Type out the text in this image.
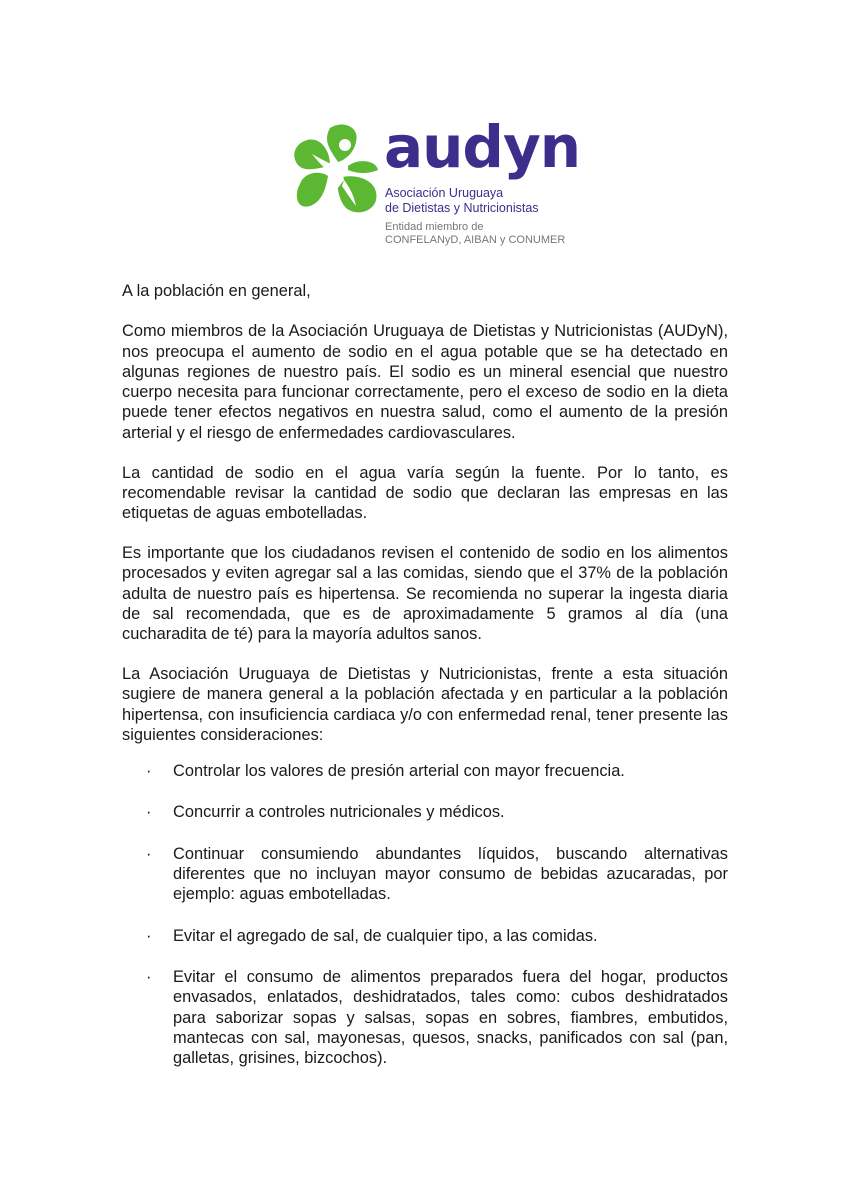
audyn
Asociación Uruguaya
de Dietistas y Nutricionistas
Entidad miembro de
CONFELANyD, AIBAN y CONUMER

A la población en general,

Como miembros de la Asociación Uruguaya de Dietistas y Nutricionistas (AUDyN), nos preocupa el aumento de sodio en el agua potable que se ha detectado en algunas regiones de nuestro país. El sodio es un mineral esencial que nuestro cuerpo necesita para funcionar correctamente, pero el exceso de sodio en la dieta puede tener efectos negativos en nuestra salud, como el aumento de la presión arterial y el riesgo de enfermedades cardiovasculares.

La cantidad de sodio en el agua varía según la fuente. Por lo tanto, es recomendable revisar la cantidad de sodio que declaran las empresas en las etiquetas de aguas embotelladas.

Es importante que los ciudadanos revisen el contenido de sodio en los alimentos procesados y eviten agregar sal a las comidas, siendo que el 37% de la población adulta de nuestro país es hipertensa. Se recomienda no superar la ingesta diaria de sal recomendada, que es de aproximadamente 5 gramos al día (una cucharadita de té) para la mayoría adultos sanos.

La Asociación Uruguaya de Dietistas y Nutricionistas, frente a esta situación sugiere de manera general a la población afectada y en particular a la población hipertensa, con insuficiencia cardiaca y/o con enfermedad renal, tener presente las siguientes consideraciones:

· Controlar los valores de presión arterial con mayor frecuencia.
· Concurrir a controles nutricionales y médicos.
· Continuar consumiendo abundantes líquidos, buscando alternativas diferentes que no incluyan mayor consumo de bebidas azucaradas, por ejemplo: aguas embotelladas.
· Evitar el agregado de sal, de cualquier tipo, a las comidas.
· Evitar el consumo de alimentos preparados fuera del hogar, productos envasados, enlatados, deshidratados, tales como: cubos deshidratados para saborizar sopas y salsas, sopas en sobres, fiambres, embutidos, mantecas con sal, mayonesas, quesos, snacks, panificados con sal (pan, galletas, grisines, bizcochos).
